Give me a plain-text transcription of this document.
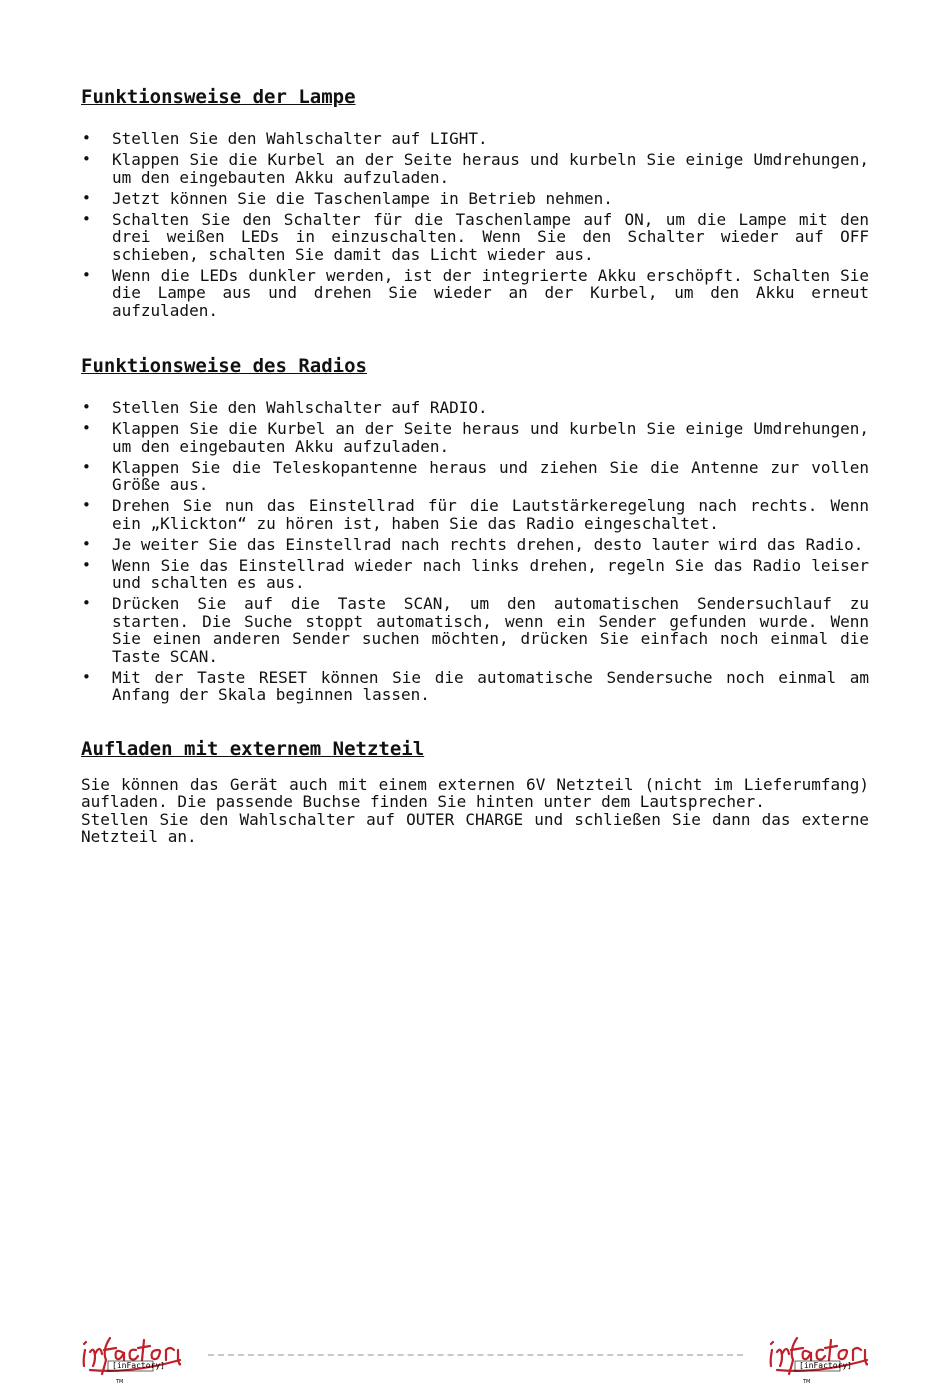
Funktionsweise der Lampe
• Stellen Sie den Wahlschalter auf LIGHT.
• Klappen Sie die Kurbel an der Seite heraus und kurbeln Sie einige Umdrehungen, um den eingebauten Akku aufzuladen.
• Jetzt können Sie die Taschenlampe in Betrieb nehmen.
• Schalten Sie den Schalter für die Taschenlampe auf ON, um die Lampe mit den drei weißen LEDs in einzuschalten. Wenn Sie den Schalter wieder auf OFF schieben, schalten Sie damit das Licht wieder aus.
• Wenn die LEDs dunkler werden, ist der integrierte Akku erschöpft. Schalten Sie die Lampe aus und drehen Sie wieder an der Kurbel, um den Akku erneut aufzuladen.
Funktionsweise des Radios
• Stellen Sie den Wahlschalter auf RADIO.
• Klappen Sie die Kurbel an der Seite heraus und kurbeln Sie einige Umdrehungen, um den eingebauten Akku aufzuladen.
• Klappen Sie die Teleskopantenne heraus und ziehen Sie die Antenne zur vollen Größe aus.
• Drehen Sie nun das Einstellrad für die Lautstärkeregelung nach rechts. Wenn ein „Klickton“ zu hören ist, haben Sie das Radio eingeschaltet.
• Je weiter Sie das Einstellrad nach rechts drehen, desto lauter wird das Radio.
• Wenn Sie das Einstellrad wieder nach links drehen, regeln Sie das Radio leiser und schalten es aus.
• Drücken Sie auf die Taste SCAN, um den automatischen Sendersuchlauf zu starten. Die Suche stoppt automatisch, wenn ein Sender gefunden wurde. Wenn Sie einen anderen Sender suchen möchten, drücken Sie einfach noch einmal die Taste SCAN.
• Mit der Taste RESET können Sie die automatische Sendersuche noch einmal am Anfang der Skala beginnen lassen.
Aufladen mit externem Netzteil

Sie können das Gerät auch mit einem externen 6V Netzteil (nicht im Lieferumfang) aufladen. Die passende Buchse finden Sie hinten unter dem Lautsprecher.

Stellen Sie den Wahlschalter auf OUTER CHARGE und schließen Sie dann das externe Netzteil an.

[inFactory]
TM
[inFactory]
TM
